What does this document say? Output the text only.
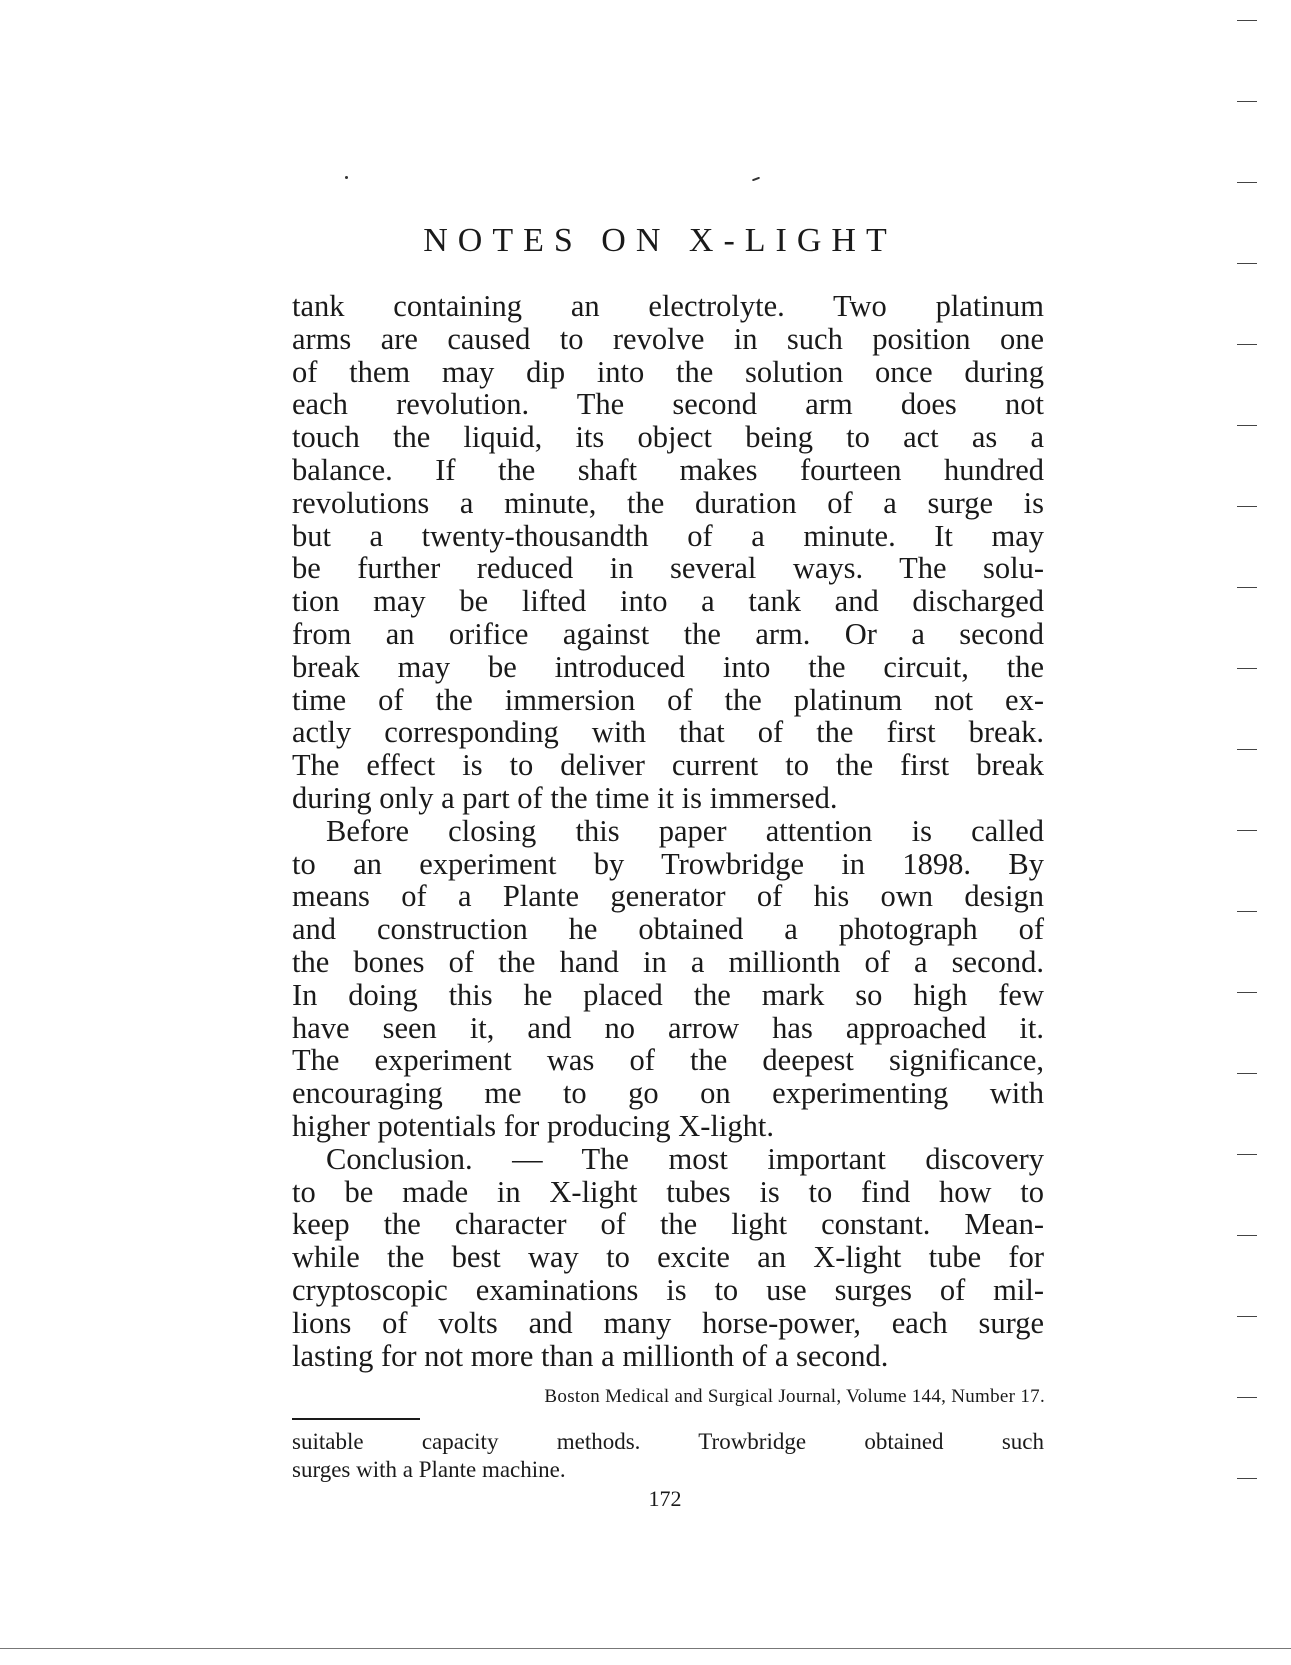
NOTES ON X-LIGHT
tank containing an electrolyte. Two platinum
arms are caused to revolve in such position one
of them may dip into the solution once during
each revolution. The second arm does not
touch the liquid, its object being to act as a
balance. If the shaft makes fourteen hundred
revolutions a minute, the duration of a surge is
but a twenty-thousandth of a minute. It may
be further reduced in several ways. The solu-
tion may be lifted into a tank and discharged
from an orifice against the arm. Or a second
break may be introduced into the circuit, the
time of the immersion of the platinum not ex-
actly corresponding with that of the first break.
The effect is to deliver current to the first break
during only a part of the time it is immersed.
Before closing this paper attention is called
to an experiment by Trowbridge in 1898. By
means of a Plante generator of his own design
and construction he obtained a photograph of
the bones of the hand in a millionth of a second.
In doing this he placed the mark so high few
have seen it, and no arrow has approached it.
The experiment was of the deepest significance,
encouraging me to go on experimenting with
higher potentials for producing X-light.
Conclusion. — The most important discovery
to be made in X-light tubes is to find how to
keep the character of the light constant. Mean-
while the best way to excite an X-light tube for
cryptoscopic examinations is to use surges of mil-
lions of volts and many horse-power, each surge
lasting for not more than a millionth of a second.
Boston Medical and Surgical Journal, Volume 144, Number 17.
suitable capacity methods. Trowbridge obtained such
surges with a Plante machine.
172
